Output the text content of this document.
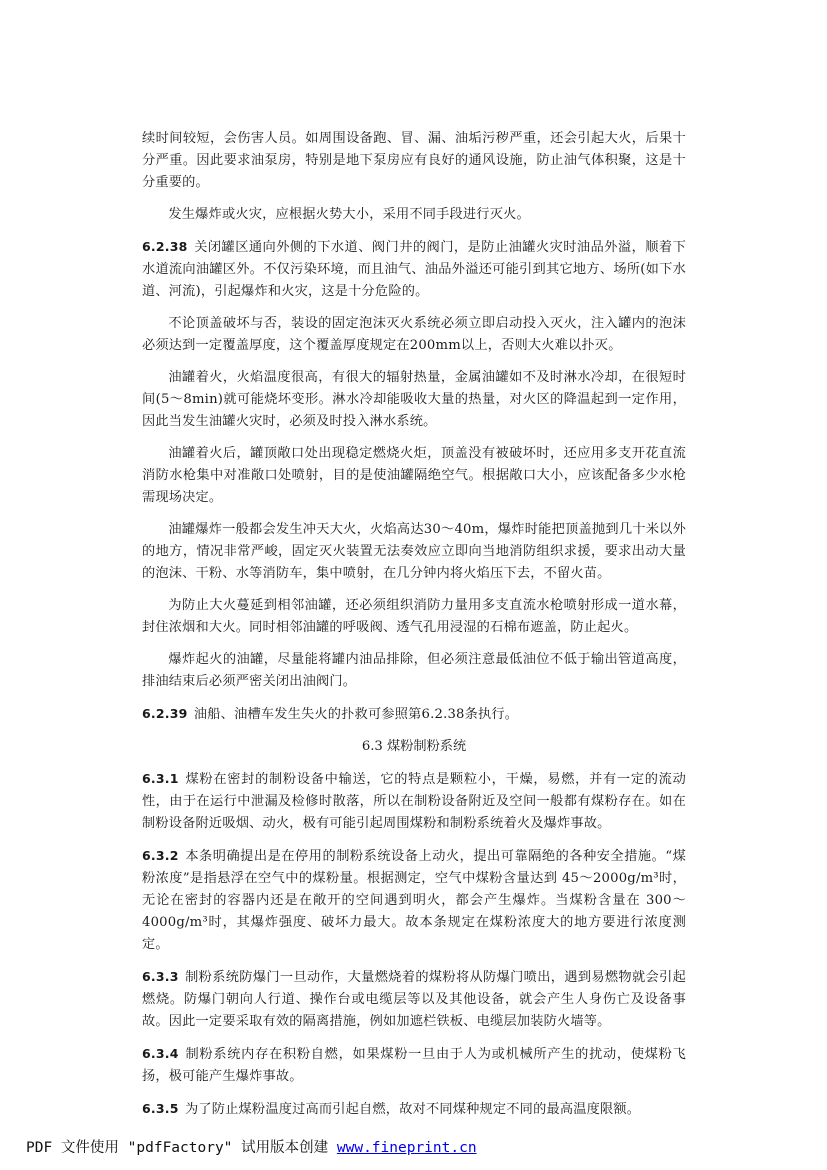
续时间较短，会伤害人员。如周围设备跑、冒、漏、油垢污秽严重，还会引起大火，后果十分严重。因此要求油泵房，特别是地下泵房应有良好的通风设施，防止油气体积聚，这是十分重要的。

发生爆炸或火灾，应根据火势大小，采用不同手段进行灭火。

6.2.38 关闭罐区通向外侧的下水道、阀门井的阀门，是防止油罐火灾时油品外溢，顺着下水道流向油罐区外。不仅污染环境，而且油气、油品外溢还可能引到其它地方、场所(如下水道、河流)，引起爆炸和火灾，这是十分危险的。

不论顶盖破坏与否，装设的固定泡沫灭火系统必须立即启动投入灭火，注入罐内的泡沫必须达到一定覆盖厚度，这个覆盖厚度规定在200mm以上，否则大火难以扑灭。

油罐着火，火焰温度很高，有很大的辐射热量，金属油罐如不及时淋水冷却，在很短时间(5～8min)就可能烧坏变形。淋水冷却能吸收大量的热量，对火区的降温起到一定作用，因此当发生油罐火灾时，必须及时投入淋水系统。

油罐着火后，罐顶敞口处出现稳定燃烧火炬，顶盖没有被破坏时，还应用多支开花直流消防水枪集中对准敞口处喷射，目的是使油罐隔绝空气。根据敞口大小，应该配备多少水枪需现场决定。

油罐爆炸一般都会发生冲天大火，火焰高达30～40m，爆炸时能把顶盖抛到几十米以外的地方，情况非常严峻，固定灭火装置无法奏效应立即向当地消防组织求援，要求出动大量的泡沫、干粉、水等消防车，集中喷射，在几分钟内将火焰压下去，不留火苗。

为防止大火蔓延到相邻油罐，还必须组织消防力量用多支直流水枪喷射形成一道水幕，封住浓烟和大火。同时相邻油罐的呼吸阀、透气孔用浸湿的石棉布遮盖，防止起火。

爆炸起火的油罐，尽量能将罐内油品排除，但必须注意最低油位不低于输出管道高度，排油结束后必须严密关闭出油阀门。

6.2.39 油船、油槽车发生失火的扑救可参照第6.2.38条执行。

6.3 煤粉制粉系统

6.3.1 煤粉在密封的制粉设备中输送，它的特点是颗粒小，干燥，易燃，并有一定的流动性，由于在运行中泄漏及检修时散落，所以在制粉设备附近及空间一般都有煤粉存在。如在制粉设备附近吸烟、动火，极有可能引起周围煤粉和制粉系统着火及爆炸事故。

6.3.2 本条明确提出是在停用的制粉系统设备上动火，提出可靠隔绝的各种安全措施。“煤粉浓度”是指悬浮在空气中的煤粉量。根据测定，空气中煤粉含量达到 45～2000g/m³时，无论在密封的容器内还是在敞开的空间遇到明火，都会产生爆炸。当煤粉含量在 300～4000g/m³时，其爆炸强度、破坏力最大。故本条规定在煤粉浓度大的地方要进行浓度测定。

6.3.3 制粉系统防爆门一旦动作，大量燃烧着的煤粉将从防爆门喷出，遇到易燃物就会引起燃烧。防爆门朝向人行道、操作台或电缆层等以及其他设备，就会产生人身伤亡及设备事故。因此一定要采取有效的隔离措施，例如加遮栏铁板、电缆层加装防火墙等。

6.3.4 制粉系统内存在积粉自燃，如果煤粉一旦由于人为或机械所产生的扰动，使煤粉飞扬，极可能产生爆炸事故。

6.3.5 为了防止煤粉温度过高而引起自燃，故对不同煤种规定不同的最高温度限额。

PDF 文件使用 "pdfFactory" 试用版本创建 www.fineprint.cn
